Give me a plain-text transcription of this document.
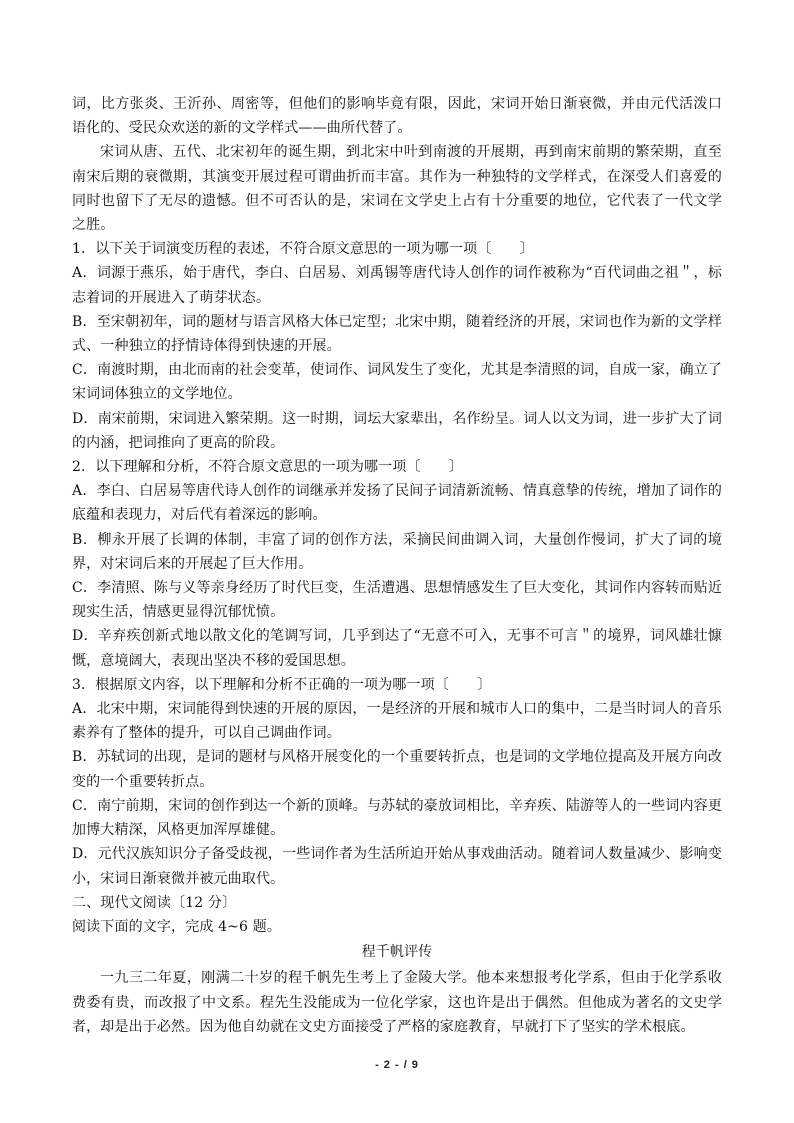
词，比方张炎、王沂孙、周密等，但他们的影响毕竟有限，因此，宋词开始日渐衰微，并由元代活泼口语化的、受民众欢送的新的文学样式——曲所代替了。

宋词从唐、五代、北宋初年的诞生期，到北宋中叶到南渡的开展期，再到南宋前期的繁荣期，直至南宋后期的衰微期，其演变开展过程可谓曲折而丰富。其作为一种独特的文学样式，在深受人们喜爱的同时也留下了无尽的遗憾。但不可否认的是，宋词在文学史上占有十分重要的地位，它代表了一代文学之胜。

1．以下关于词演变历程的表述，不符合原文意思的一项为哪一项〔　　〕

A．词源于燕乐，始于唐代，李白、白居易、刘禹锡等唐代诗人创作的词作被称为“百代词曲之祖＂，标志着词的开展进入了萌芽状态。

B．至宋朝初年，词的题材与语言风格大体已定型；北宋中期，随着经济的开展，宋词也作为新的文学样式、一种独立的抒情诗体得到快速的开展。

C．南渡时期，由北而南的社会变革，使词作、词风发生了变化，尤其是李清照的词，自成一家，确立了宋词词体独立的文学地位。

D．南宋前期，宋词进入繁荣期。这一时期，词坛大家辈出，名作纷呈。词人以文为词，进一步扩大了词的内涵，把词推向了更高的阶段。

2．以下理解和分析，不符合原文意思的一项为哪一项〔　　〕

A．李白、白居易等唐代诗人创作的词继承并发扬了民间子词清新流畅、情真意挚的传统，增加了词作的底蕴和表现力，对后代有着深远的影响。

B．柳永开展了长调的体制，丰富了词的创作方法，采摘民间曲调入词，大量创作慢词，扩大了词的境界，对宋词后来的开展起了巨大作用。

C．李清照、陈与义等亲身经历了时代巨变，生活遭遇、思想情感发生了巨大变化，其词作内容转而贴近现实生活，情感更显得沉郁忧愤。

D．辛弃疾创新式地以散文化的笔调写词，几乎到达了“无意不可入，无事不可言＂的境界，词风雄壮慷慨，意境阔大，表现出坚决不移的爱国思想。

3．根据原文内容，以下理解和分析不正确的一项为哪一项〔　　〕

A．北宋中期，宋词能得到快速的开展的原因，一是经济的开展和城市人口的集中，二是当时词人的音乐素养有了整体的提升，可以自己调曲作词。

B．苏轼词的出现，是词的题材与风格开展变化的一个重要转折点，也是词的文学地位提高及开展方向改变的一个重要转折点。

C．南宁前期，宋词的创作到达一个新的顶峰。与苏轼的豪放词相比，辛弃疾、陆游等人的一些词内容更加博大精深，风格更加浑厚雄健。

D．元代汉族知识分子备受歧视，一些词作者为生活所迫开始从事戏曲活动。随着词人数量减少、影响变小，宋词日渐衰微并被元曲取代。

二、现代文阅读〔12 分〕

阅读下面的文字，完成 4~6 题。

程千帆评传

一九三二年夏，刚满二十岁的程千帆先生考上了金陵大学。他本来想报考化学系，但由于化学系收费委有贵，而改报了中文系。程先生没能成为一位化学家，这也许是出于偶然。但他成为著名的文史学者，却是出于必然。因为他自幼就在文史方面接受了严格的家庭教育，早就打下了坚实的学术根底。

- 2 - / 9
